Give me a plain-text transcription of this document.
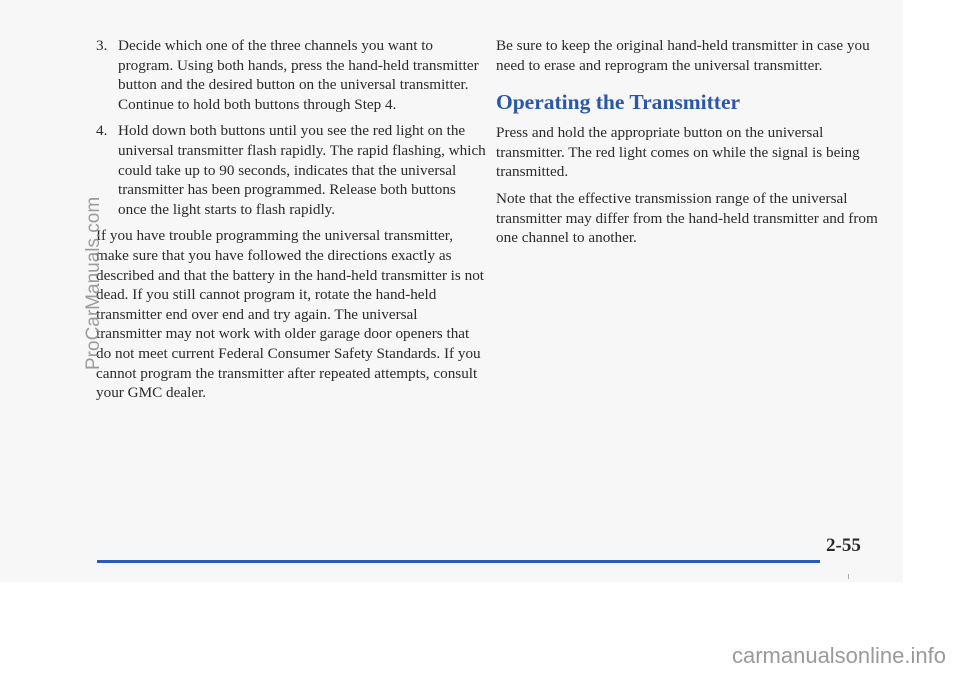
3. Decide which one of the three channels you want to program. Using both hands, press the hand-held transmitter button and the desired button on the universal transmitter. Continue to hold both buttons through Step 4.
4. Hold down both buttons until you see the red light on the universal transmitter flash rapidly. The rapid flashing, which could take up to 90 seconds, indicates that the universal transmitter has been programmed. Release both buttons once the light starts to flash rapidly.

If you have trouble programming the universal transmitter, make sure that you have followed the directions exactly as described and that the battery in the hand-held transmitter is not dead. If you still cannot program it, rotate the hand-held transmitter end over end and try again. The universal transmitter may not work with older garage door openers that do not meet current Federal Consumer Safety Standards. If you cannot program the transmitter after repeated attempts, consult your GMC dealer.

Be sure to keep the original hand-held transmitter in case you need to erase and reprogram the universal transmitter.

Operating the Transmitter

Press and hold the appropriate button on the universal transmitter. The red light comes on while the signal is being transmitted.

Note that the effective transmission range of the universal transmitter may differ from the hand-held transmitter and from one channel to another.

2-55
ProCarManuals.com
carmanualsonline.info
